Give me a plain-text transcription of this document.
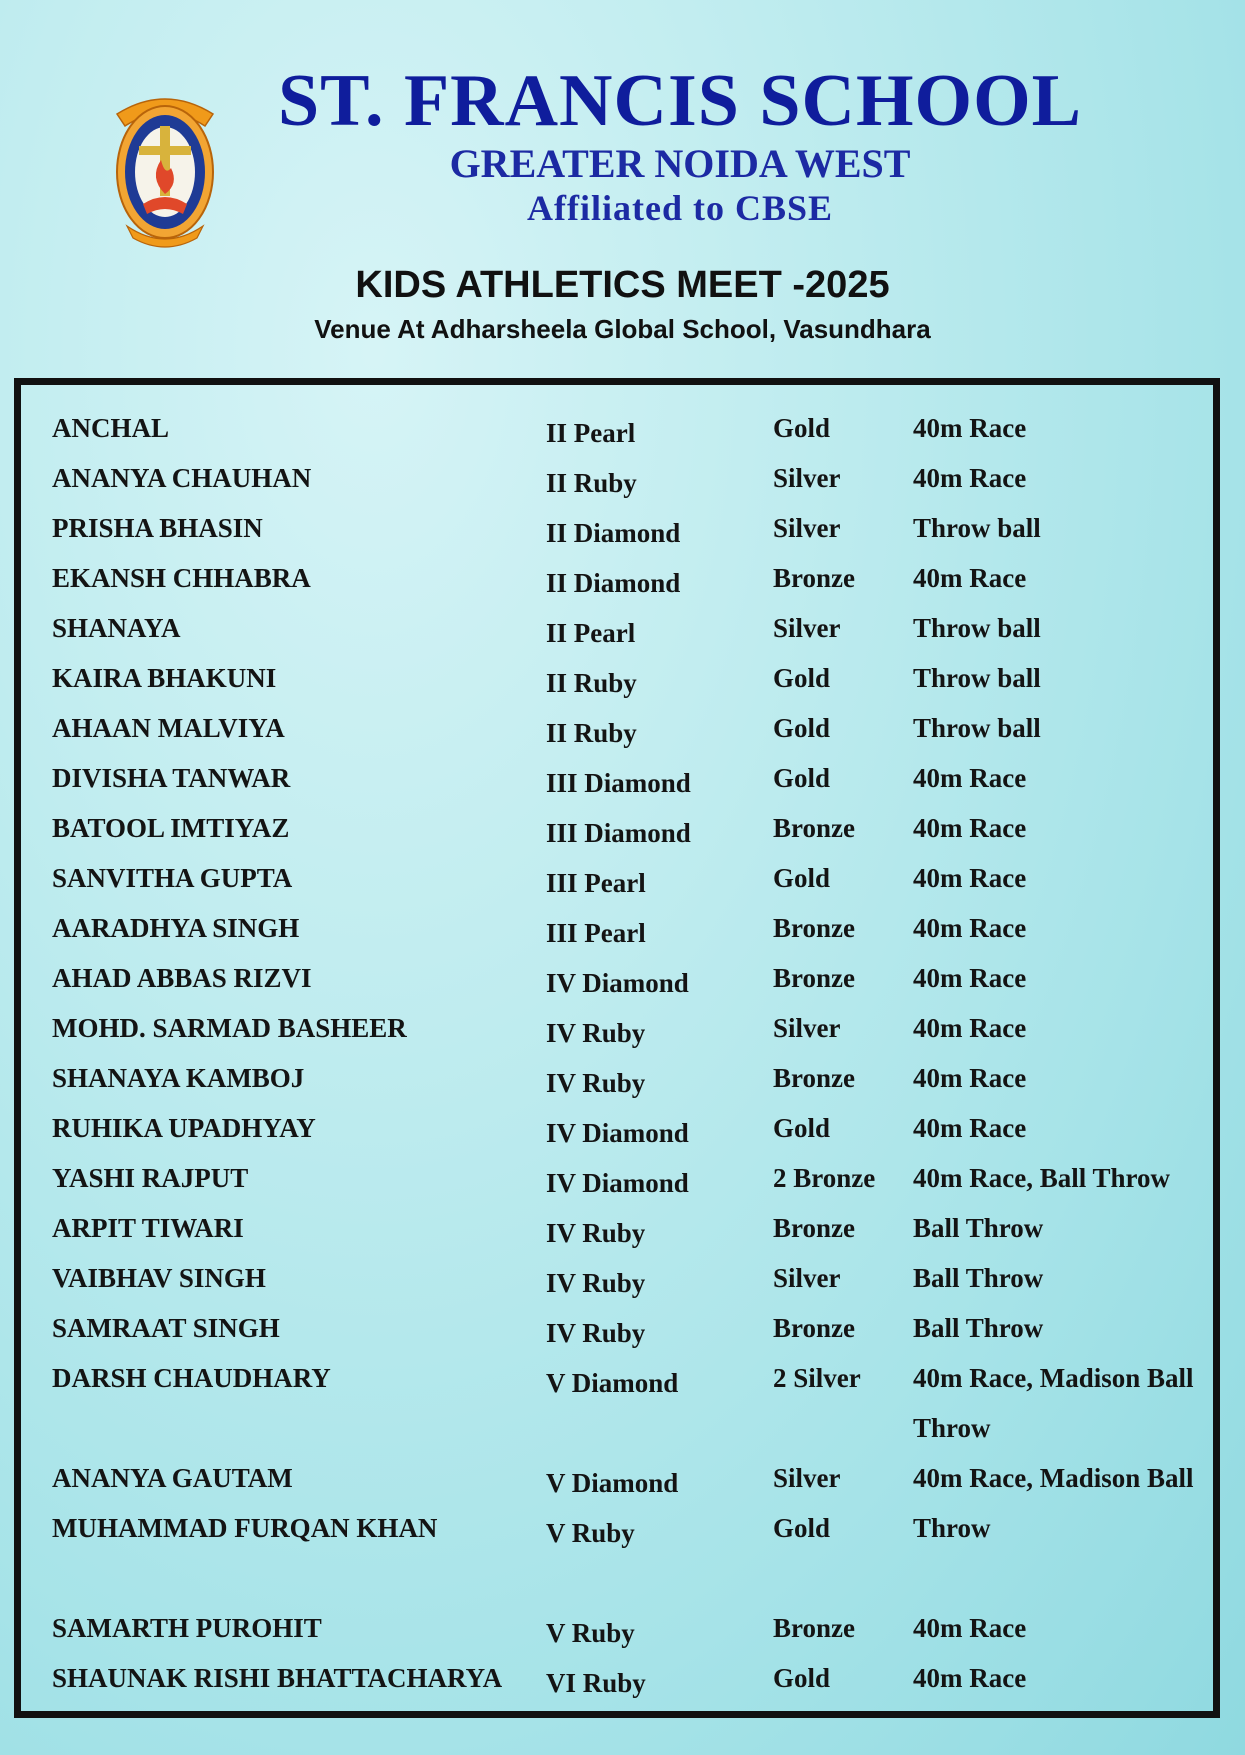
ST. FRANCIS SCHOOL
GREATER NOIDA WEST
Affiliated to CBSE
KIDS ATHLETICS MEET -2025
Venue At Adharsheela Global School, Vasundhara
ANCHAL	II Pearl	Gold	40m Race
ANANYA CHAUHAN	II Ruby	Silver	40m Race
PRISHA BHASIN	II Diamond	Silver	Throw ball
EKANSH CHHABRA	II Diamond	Bronze 40m Race
SHANAYA	II Pearl	Silver	Throw ball
KAIRA BHAKUNI	II Ruby	Gold	Throw ball
AHAAN MALVIYA	II Ruby	Gold	Throw ball
DIVISHA TANWAR	III Diamond	Gold	40m Race
BATOOL IMTIYAZ	III Diamond	Bronze 40m Race
SANVITHA GUPTA	III Pearl	Gold	40m Race
AARADHYA SINGH	III Pearl	Bronze 40m Race
AHAD ABBAS RIZVI	IV Diamond	Bronze 40m Race
MOHD. SARMAD BASHEER	IV Ruby	Silver	40m Race
SHANAYA KAMBOJ	IV Ruby	Bronze 40m Race
RUHIKA UPADHYAY	IV Diamond	Gold	40m Race
YASHI RAJPUT	IV Diamond	2 Bronze 40m Race, Ball Throw
ARPIT TIWARI	IV Ruby	Bronze Ball Throw
VAIBHAV SINGH	IV Ruby	Silver	Ball Throw
SAMRAAT SINGH	IV Ruby	Bronze Ball Throw
DARSH CHAUDHARY	V Diamond	2 Silver 40m Race, Madison Ball
Throw
ANANYA GAUTAM	V Diamond	Silver	40m Race, Madison Ball
MUHAMMAD FURQAN KHAN	V Ruby	Gold	Throw
SAMARTH PUROHIT	V Ruby	Bronze 40m Race
SHAUNAK RISHI BHATTACHARYA VI Ruby	Gold	40m Race
